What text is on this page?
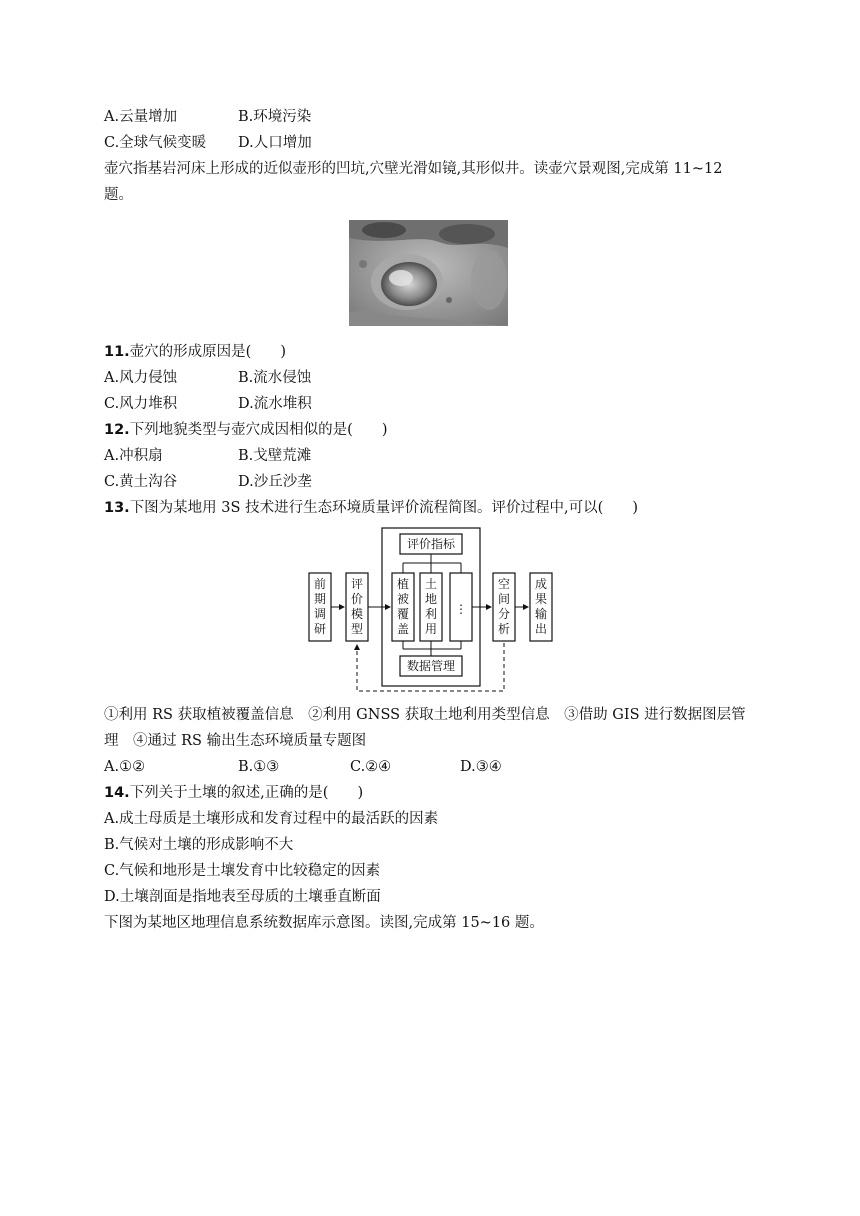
A.云量增加	B.环境污染
C.全球气候变暖 D.人口增加
壶穴指基岩河床上形成的近似壶形的凹坑,穴壁光滑如镜,其形似井。读壶穴景观图,完成第 11~12
题。
11.壶穴的形成原因是(　　)
A.风力侵蚀	B.流水侵蚀
C.风力堆积	D.流水堆积
12.下列地貌类型与壶穴成因相似的是(　　)
A.冲积扇	B.戈壁荒滩
C.黄土沟谷	D.沙丘沙垄
13.下图为某地用 3S 技术进行生态环境质量评价流程简图。评价过程中,可以(　　)
评价指标
数据管理
⋮
前
期
调
研
评
价
模
型
植
被
覆
盖
土
地
利
用
空
间
分
析
成
果
输
出
①利用 RS 获取植被覆盖信息　②利用 GNSS 获取土地利用类型信息　③借助 GIS 进行数据图层管
理　④通过 RS 输出生态环境质量专题图
A.①②	B.①③	C.②④	D.③④
14.下列关于土壤的叙述,正确的是(　　)
A.成土母质是土壤形成和发育过程中的最活跃的因素
B.气候对土壤的形成影响不大
C.气候和地形是土壤发育中比较稳定的因素
D.土壤剖面是指地表至母质的土壤垂直断面
下图为某地区地理信息系统数据库示意图。读图,完成第 15~16 题。
